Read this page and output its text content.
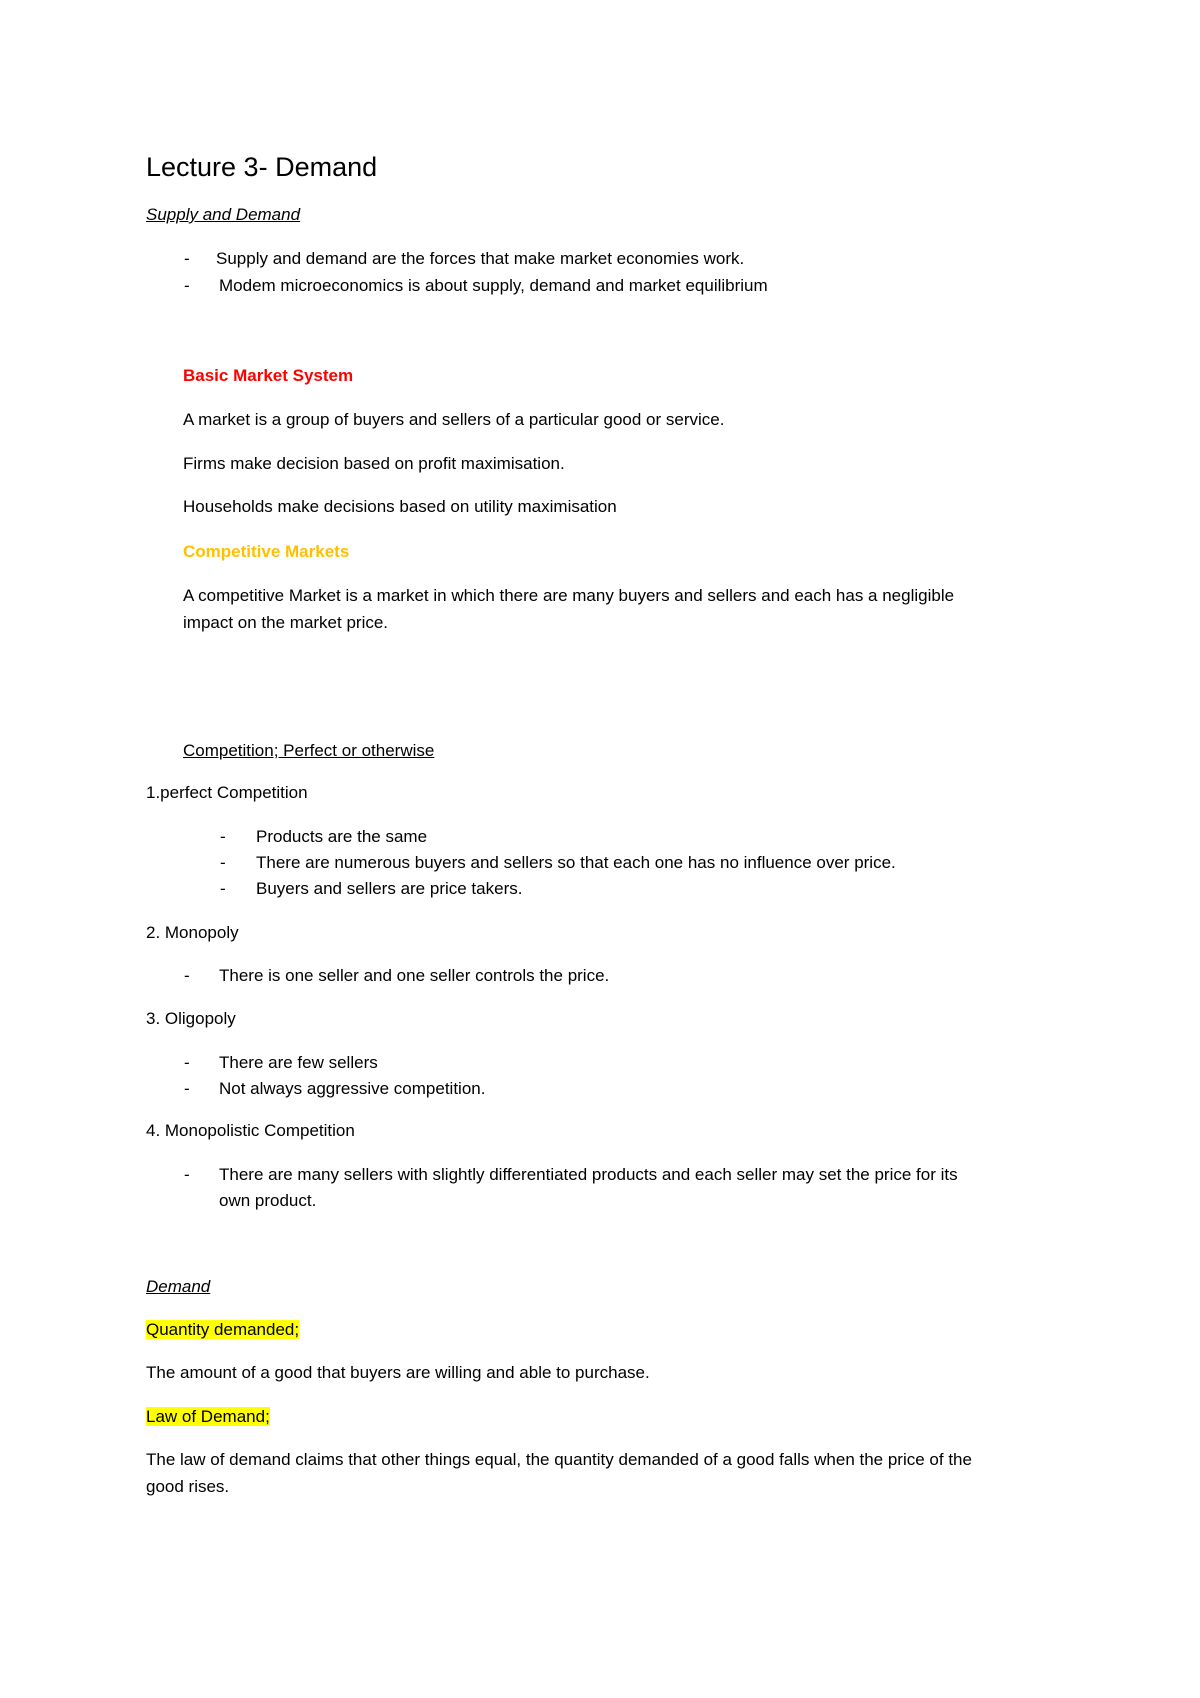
Lecture 3- Demand
Supply and Demand
- Supply and demand are the forces that make market economies work.
- Modem microeconomics is about supply, demand and market equilibrium
Basic Market System
A market is a group of buyers and sellers of a particular good or service.
Firms make decision based on profit maximisation.
Households make decisions based on utility maximisation
Competitive Markets
A competitive Market is a market in which there are many buyers and sellers and each has a negligible
impact on the market price.
Competition; Perfect or otherwise
1.perfect Competition
- Products are the same
- There are numerous buyers and sellers so that each one has no influence over price.
- Buyers and sellers are price takers.
2. Monopoly
- There is one seller and one seller controls the price.
3. Oligopoly
- There are few sellers
- Not always aggressive competition.
4. Monopolistic Competition
- There are many sellers with slightly differentiated products and each seller may set the price for its
own product.
Demand
Quantity demanded;
The amount of a good that buyers are willing and able to purchase.
Law of Demand;
The law of demand claims that other things equal, the quantity demanded of a good falls when the price of the
good rises.
